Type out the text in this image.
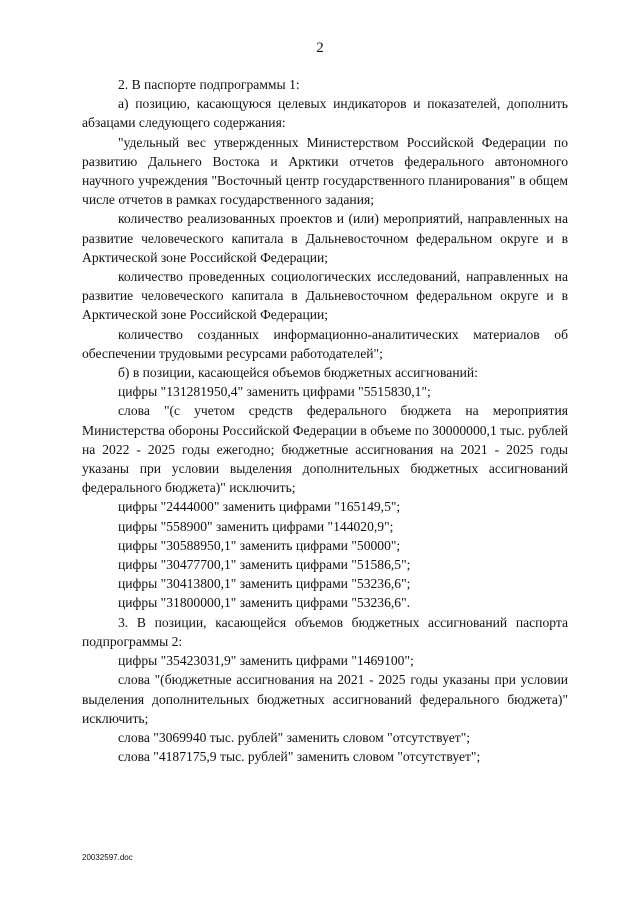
2

2. В паспорте подпрограммы 1:

а) позицию, касающуюся целевых индикаторов и показателей, дополнить абзацами следующего содержания:

"удельный вес утвержденных Министерством Российской Федерации по развитию Дальнего Востока и Арктики отчетов федерального автономного научного учреждения "Восточный центр государственного планирования" в общем числе отчетов в рамках государственного задания;

количество реализованных проектов и (или) мероприятий, направленных на развитие человеческого капитала в Дальневосточном федеральном округе и в Арктической зоне Российской Федерации;

количество проведенных социологических исследований, направленных на развитие человеческого капитала в Дальневосточном федеральном округе и в Арктической зоне Российской Федерации;

количество созданных информационно-аналитических материалов об обеспечении трудовыми ресурсами работодателей";

б) в позиции, касающейся объемов бюджетных ассигнований:

цифры "131281950,4" заменить цифрами "5515830,1";

слова "(с учетом средств федерального бюджета на мероприятия Министерства обороны Российской Федерации в объеме по 30000000,1 тыс. рублей на 2022 - 2025 годы ежегодно; бюджетные ассигнования на 2021 - 2025 годы указаны при условии выделения дополнительных бюджетных ассигнований федерального бюджета)" исключить;

цифры "2444000" заменить цифрами "165149,5";

цифры "558900" заменить цифрами "144020,9";

цифры "30588950,1" заменить цифрами "50000";

цифры "30477700,1" заменить цифрами "51586,5";

цифры "30413800,1" заменить цифрами "53236,6";

цифры "31800000,1" заменить цифрами "53236,6".

3. В позиции, касающейся объемов бюджетных ассигнований паспорта подпрограммы 2:

цифры "35423031,9" заменить цифрами "1469100";

слова "(бюджетные ассигнования на 2021 - 2025 годы указаны при условии выделения дополнительных бюджетных ассигнований федерального бюджета)" исключить;

слова "3069940 тыс. рублей" заменить словом "отсутствует";

слова "4187175,9 тыс. рублей" заменить словом "отсутствует";

20032597.doc
